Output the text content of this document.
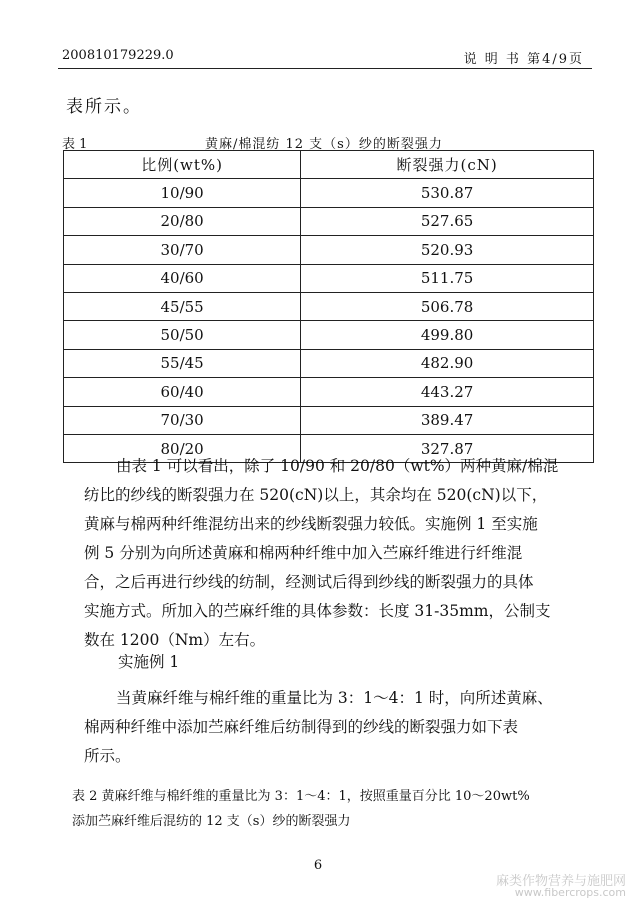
200810179229.0	说 明 书 第4/9页
表所示。
表 1	黄麻/棉混纺 12 支（s）纱的断裂强力
比例(wt%)	断裂强力(cN)
10/90	530.87
20/80	527.65
30/70	520.93
40/60	511.75
45/55	506.78
50/50	499.80
55/45	482.90
60/40	443.27
70/30	389.47
80/20	327.87
由表 1 可以看出，除了 10/90 和 20/80（wt%）两种黄麻/棉混
纺比的纱线的断裂强力在 520(cN)以上，其余均在 520(cN)以下，
黄麻与棉两种纤维混纺出来的纱线断裂强力较低。实施例 1 至实施
例 5 分别为向所述黄麻和棉两种纤维中加入苎麻纤维进行纤维混
合，之后再进行纱线的纺制，经测试后得到纱线的断裂强力的具体
实施方式。所加入的苎麻纤维的具体参数：长度 31-35mm，公制支
数在 1200（Nm）左右。
实施例 1
当黄麻纤维与棉纤维的重量比为 3：1～4：1 时，向所述黄麻、
棉两种纤维中添加苎麻纤维后纺制得到的纱线的断裂强力如下表
所示。
表 2 黄麻纤维与棉纤维的重量比为 3：1～4：1，按照重量百分比 10～20wt%
添加苎麻纤维后混纺的 12 支（s）纱的断裂强力
6
麻类作物营养与施肥网
www.fibercrops.com
